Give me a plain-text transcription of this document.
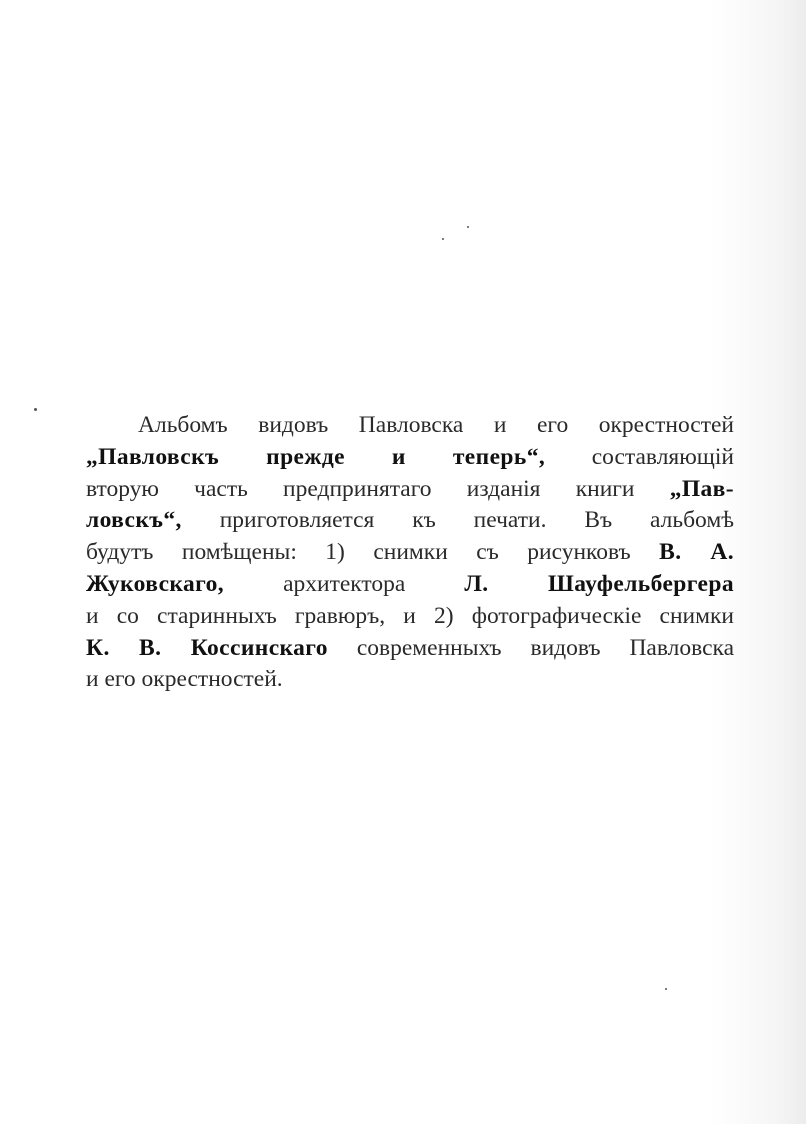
Альбомъ видовъ Павловска и его окрестностей
„Павловскъ прежде и теперь“, составляющій
вторую часть предпринятаго изданія книги „Пав-
ловскъ“, приготовляется къ печати. Въ альбомѣ
будутъ помѣщены: 1) снимки съ рисунковъ В. А.
Жуковскаго, архитектора Л. Шауфельбергера
и со старинныхъ гравюръ, и 2) фотографическіе снимки
К. В. Коссинскаго современныхъ видовъ Павловска
и его окрестностей.
